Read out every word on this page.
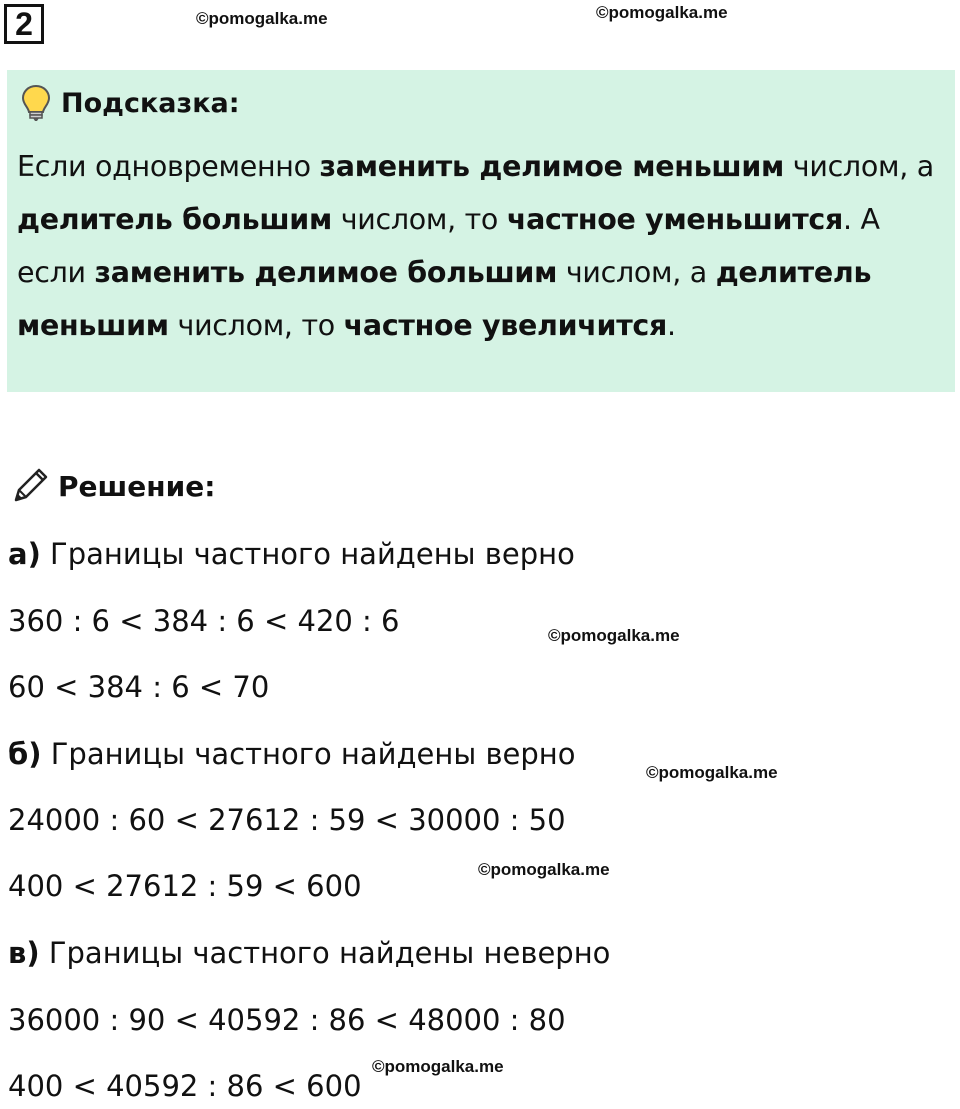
2	©pomogalka.me	©pomogalka.me
Подсказка:
Если одновременно заменить делимое меньшим числом, а делитель большим числом, то частное уменьшится. А если заменить делимое большим числом, а делитель меньшим числом, то частное увеличится.
©pomogalka.me
©pomogalka.me
©pomogalka.me
©pomogalka.me
Решение:
а) Границы частного найдены верно
360 : 6 < 384 : 6 < 420 : 6
60 < 384 : 6 < 70
б) Границы частного найдены верно
24000 : 60 < 27612 : 59 < 30000 : 50
400 < 27612 : 59 < 600
в) Границы частного найдены неверно
36000 : 90 < 40592 : 86 < 48000 : 80
400 < 40592 : 86 < 600
